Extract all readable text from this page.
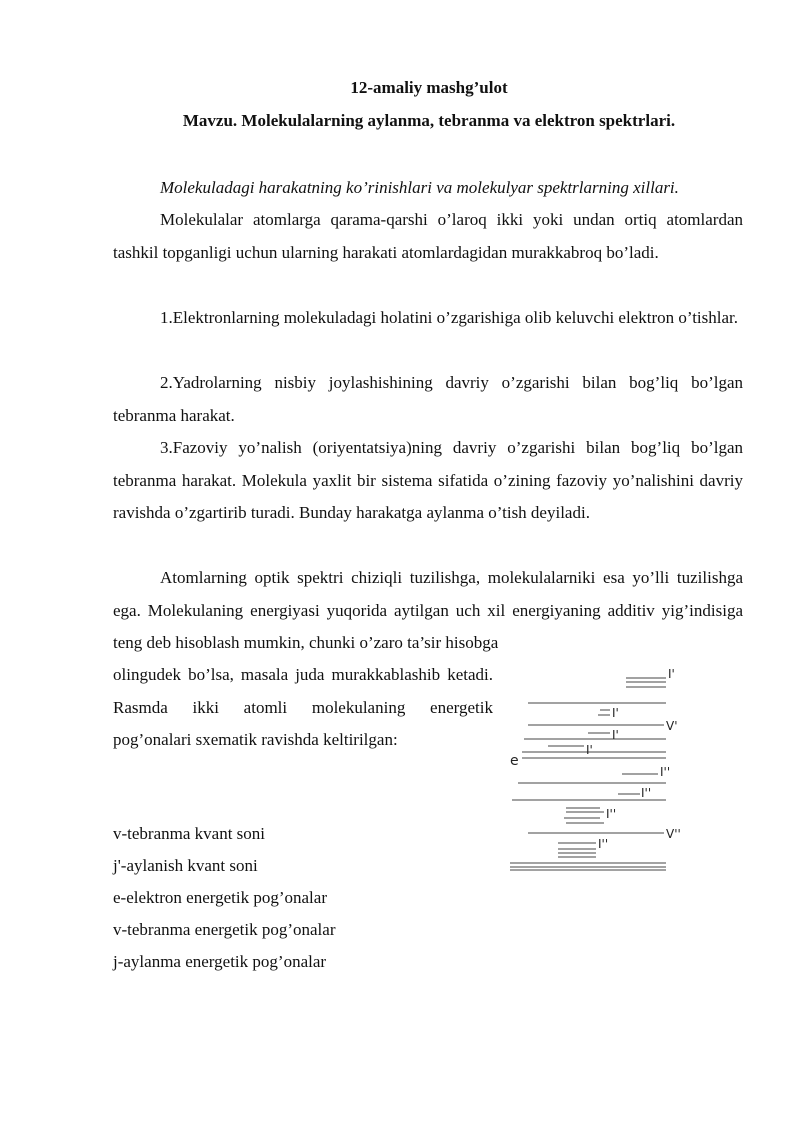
12-amaliy mashg’ulot
Mavzu. Molekulalarning aylanma, tebranma va elektron spektrlari.

Molekuladagi harakatning ko’rinishlari va molekulyar spektrlarning xillari.

Molekulalar atomlarga qarama-qarshi o’laroq ikki yoki undan ortiq atomlardan tashkil topganligi uchun ularning harakati atomlardagidan murakkabroq bo’ladi.

1.Elektronlarning molekuladagi holatini o’zgarishiga olib keluvchi elektron o’tishlar.

2.Yadrolarning nisbiy joylashishining davriy o’zgarishi bilan bog’liq bo’lgan tebranma harakat.

3.Fazoviy yo’nalish (oriyentatsiya)ning davriy o’zgarishi bilan bog’liq bo’lgan tebranma harakat. Molekula yaxlit bir sistema sifatida o’zining fazoviy yo’nalishini davriy ravishda o’zgartirib turadi. Bunday harakatga aylanma o’tish deyiladi.

Atomlarning optik spektri chiziqli tuzilishga, molekulalarniki esa yo’lli tuzilishga ega. Molekulaning energiyasi yuqorida aytilgan uch xil energiyaning additiv yig’indisiga teng deb hisoblash mumkin, chunki o’zaro ta’sir hisobga

olingudek bo’lsa, masala juda murakkablashib ketadi. Rasmda ikki atomli molekulaning energetik pog’onalari sxematik ravishda keltirilgan:

I'
I'
V'
I'
I'
e
I''
I''
I''
V''
I''
v-tebranma kvant soni
j'-aylanish kvant soni
e-elektron energetik pog’onalar
v-tebranma energetik pog’onalar
j-aylanma energetik pog’onalar
